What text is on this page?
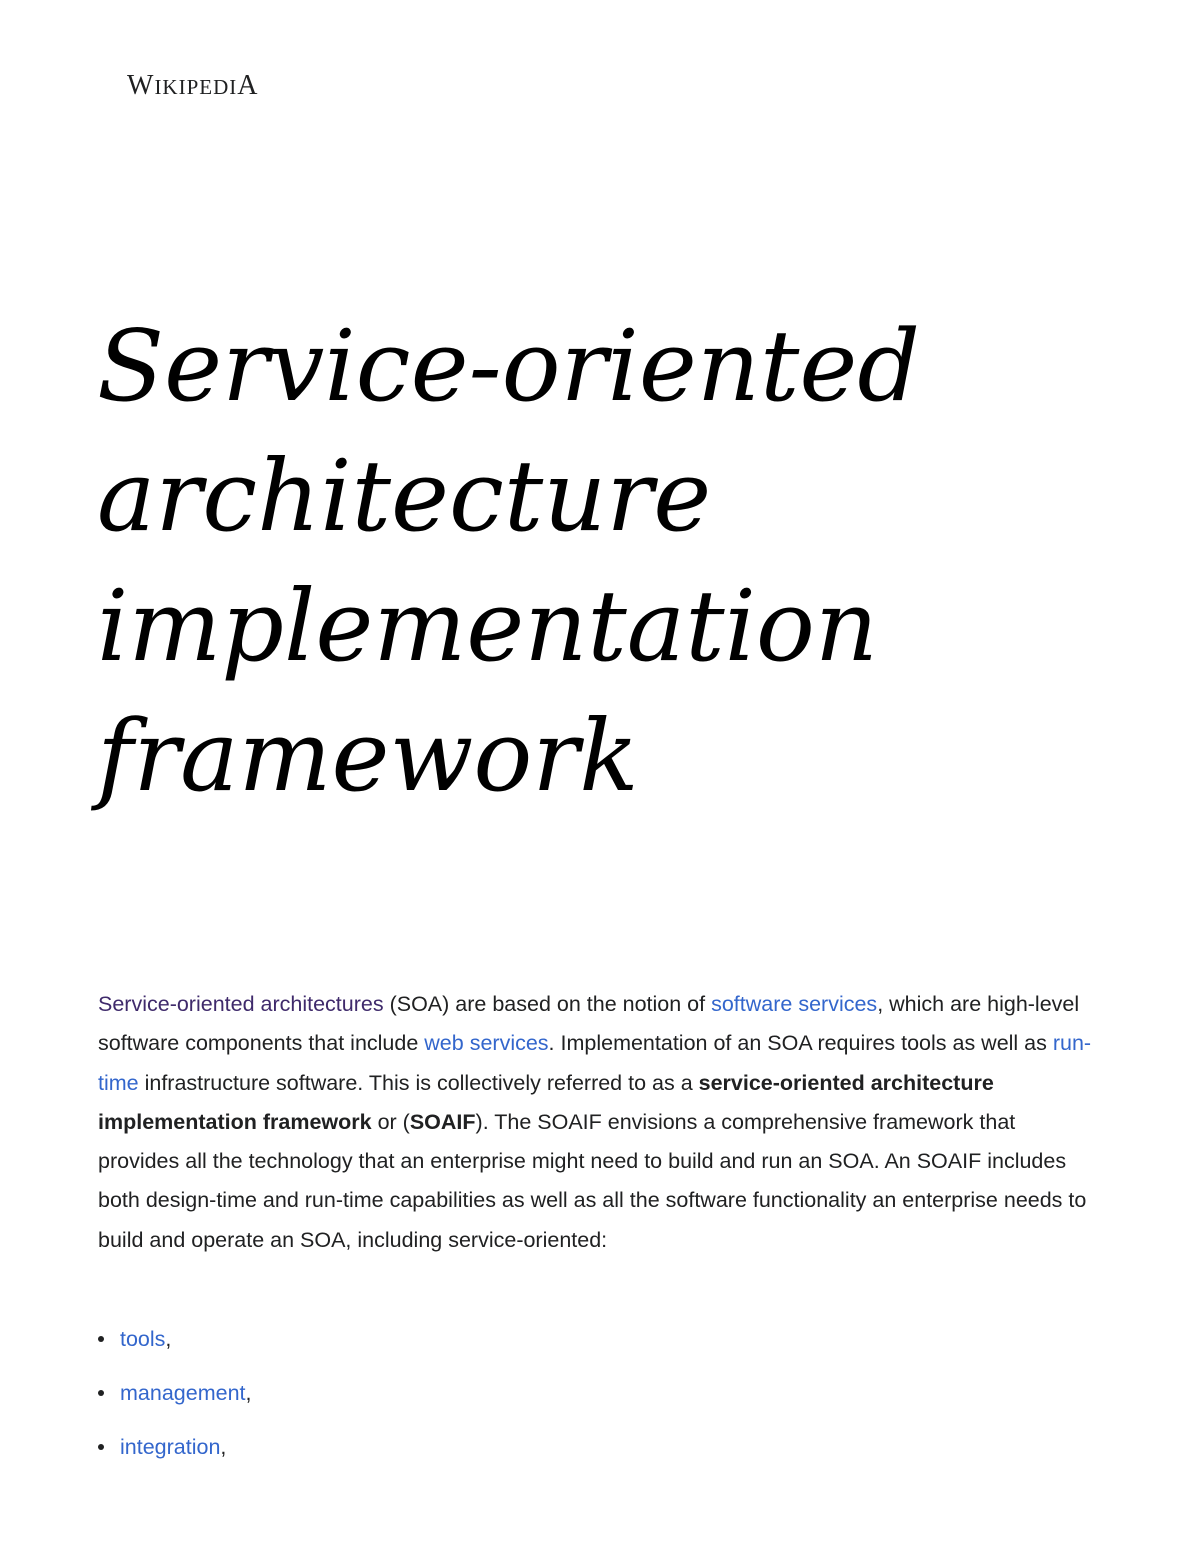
WIKIPEDIA
Service-oriented
architecture
implementation
framework

Service-oriented architectures (SOA) are based on the notion of software services, which are high-level software components that include web services. Implementation of an SOA requires tools as well as run-time infrastructure software. This is collectively referred to as a service-oriented architecture implementation framework or (SOAIF). The SOAIF envisions a comprehensive framework that provides all the technology that an enterprise might need to build and run an SOA. An SOAIF includes both design-time and run-time capabilities as well as all the software functionality an enterprise needs to build and operate an SOA, including service-oriented:

tools,
management,
integration,
